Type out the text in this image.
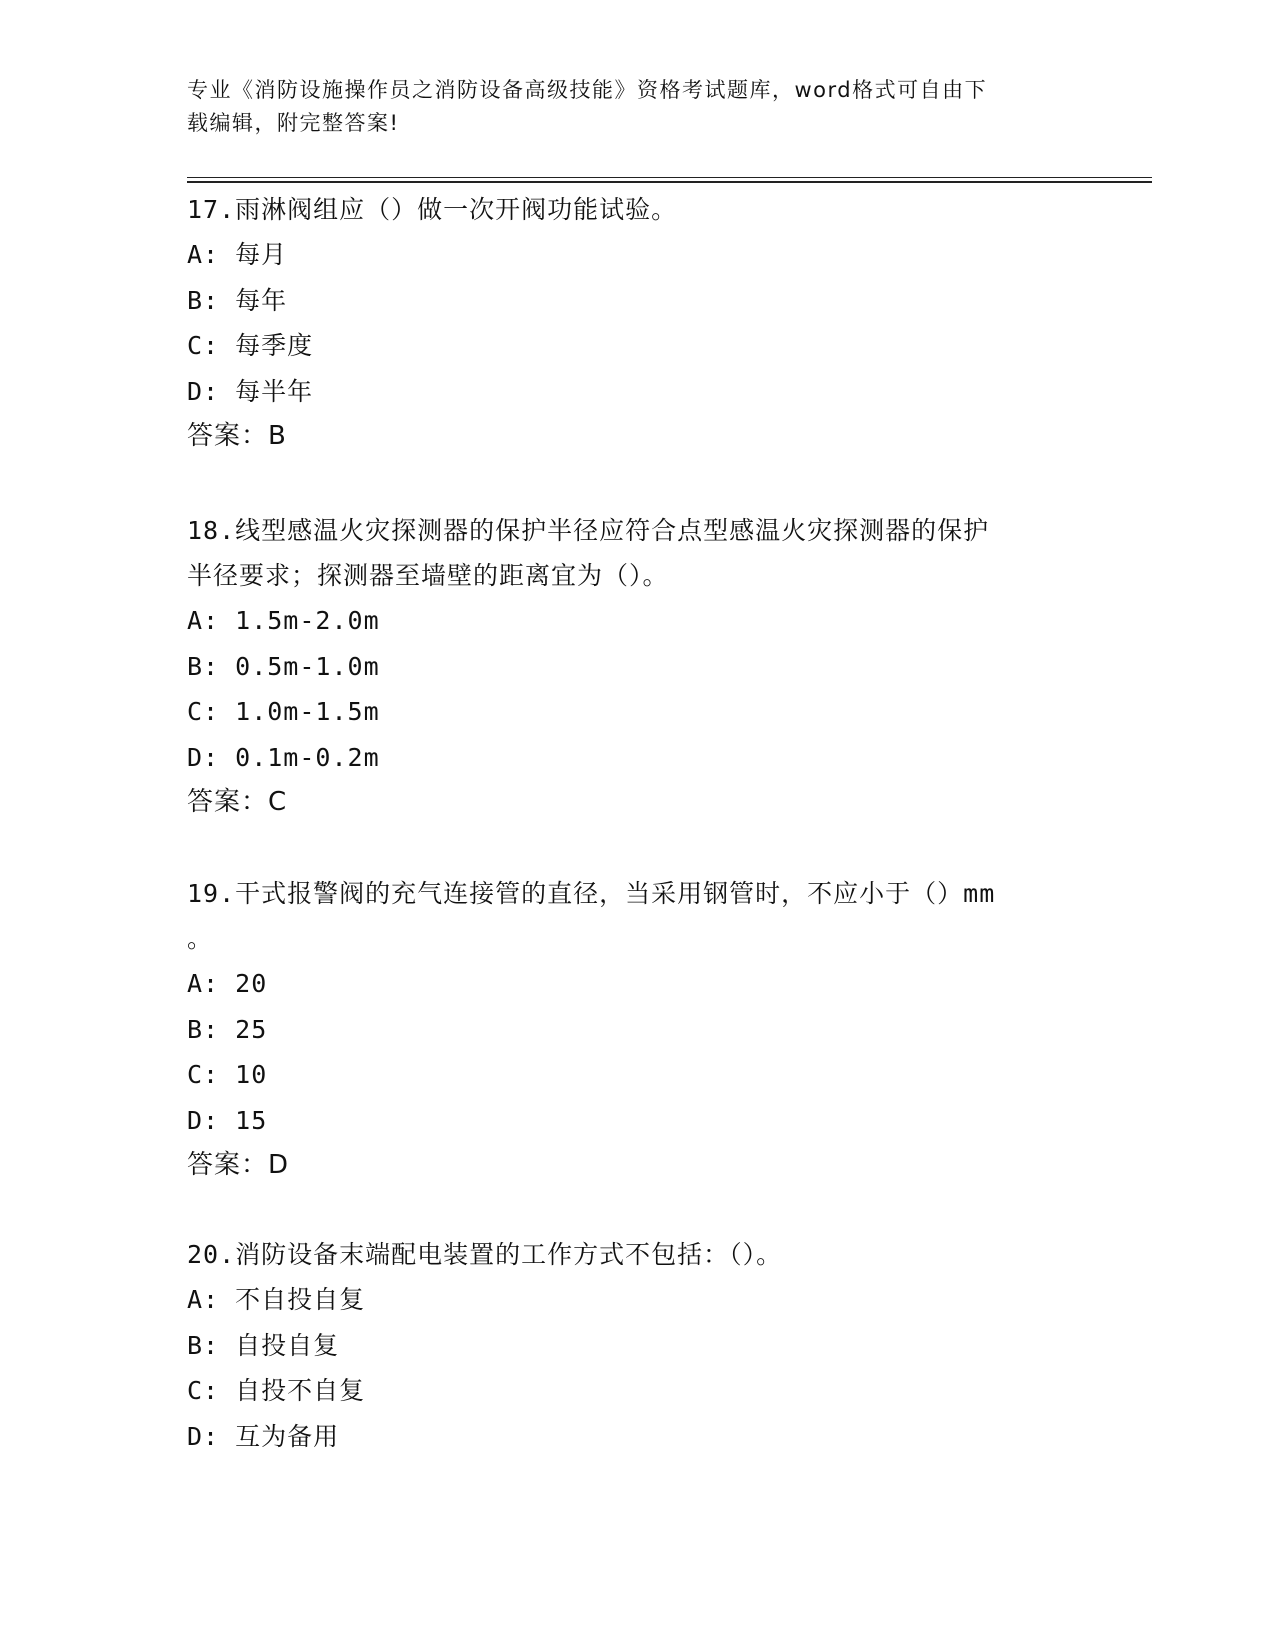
专业《消防设施操作员之消防设备高级技能》资格考试题库，word格式可自由下
载编辑，附完整答案!

17.雨淋阀组应（）做一次开阀功能试验。

A: 每月

B: 每年

C: 每季度

D: 每半年

答案：B

18.线型感温火灾探测器的保护半径应符合点型感温火灾探测器的保护

半径要求；探测器至墙壁的距离宜为（）。

A: 1.5m-2.0m

B: 0.5m-1.0m

C: 1.0m-1.5m

D: 0.1m-0.2m

答案：C

19.干式报警阀的充气连接管的直径，当采用钢管时，不应小于（）mm

。

A: 20

B: 25

C: 10

D: 15

答案：D

20.消防设备末端配电装置的工作方式不包括：（）。

A: 不自投自复

B: 自投自复

C: 自投不自复

D: 互为备用
